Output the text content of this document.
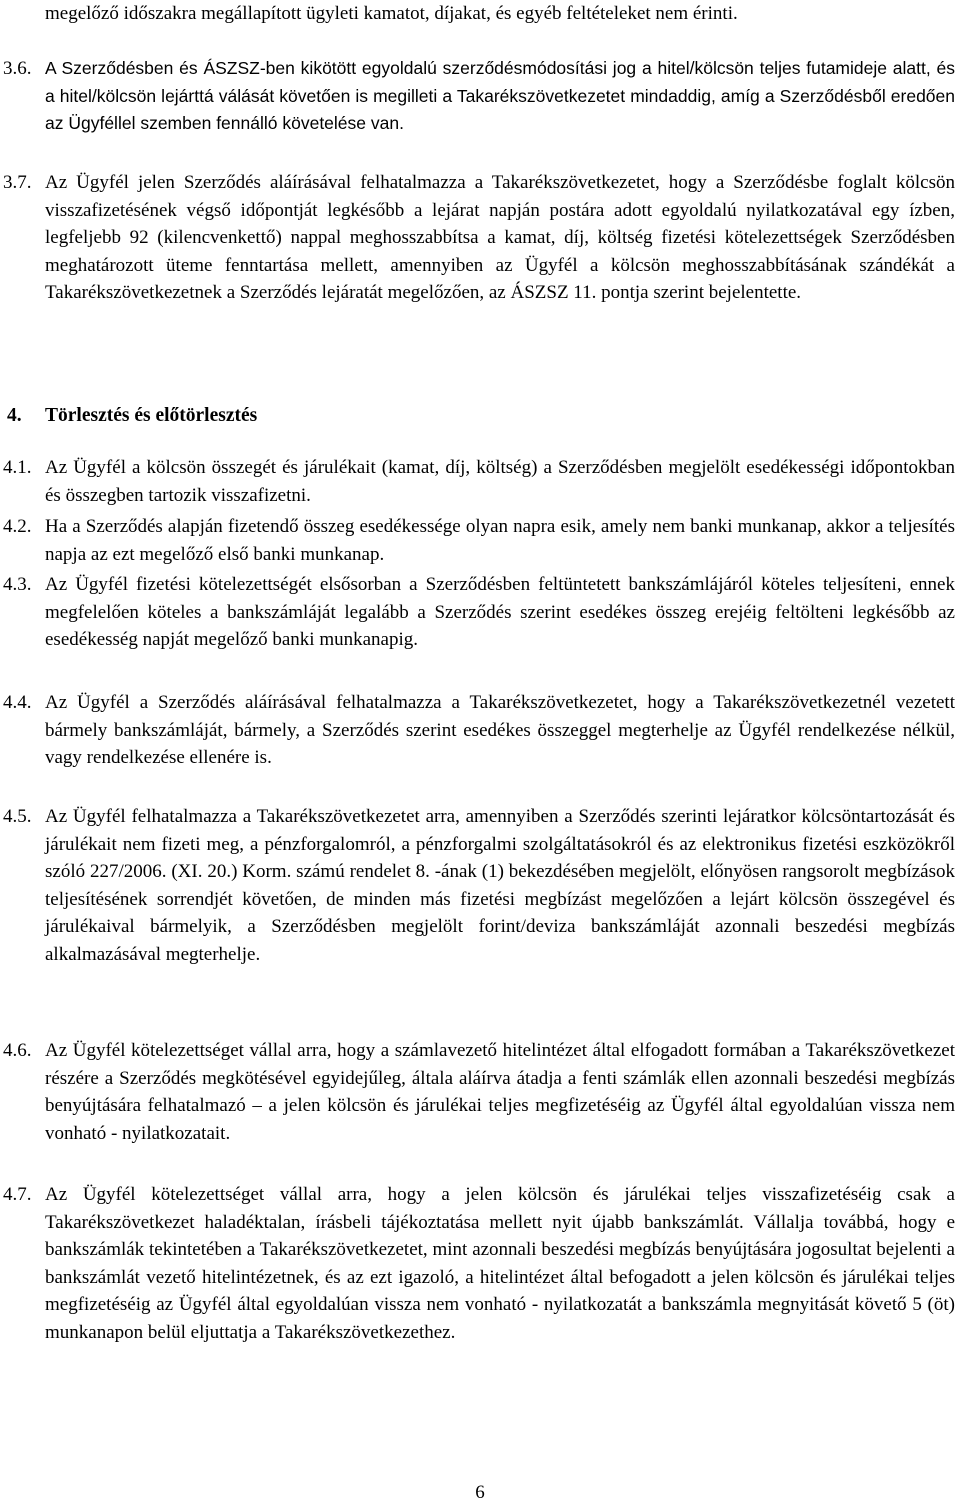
megelőző időszakra megállapított ügyleti kamatot, díjakat, és egyéb feltételeket nem érinti.
3.6. A Szerződésben és ÁSZSZ-ben kikötött egyoldalú szerződésmódosítási jog a hitel/kölcsön teljes futamideje alatt, és a hitel/kölcsön lejárttá válását követően is megilleti a Takarékszövetkezetet mindaddig, amíg a Szerződésből eredően az Ügyféllel szemben fennálló követelése van.
3.7. Az Ügyfél jelen Szerződés aláírásával felhatalmazza a Takarékszövetkezetet, hogy a Szerződésbe foglalt kölcsön visszafizetésének végső időpontját legkésőbb a lejárat napján postára adott egyoldalú nyilatkozatával egy ízben, legfeljebb 92 (kilencvenkettő) nappal meghosszabbítsa a kamat, díj, költség fizetési kötelezettségek Szerződésben meghatározott üteme fenntartása mellett, amennyiben az Ügyfél a kölcsön meghosszabbításának szándékát a Takarékszövetkezetnek a Szerződés lejáratát megelőzően, az ÁSZSZ 11. pontja szerint bejelentette.
4. Törlesztés és előtörlesztés
4.1. Az Ügyfél a kölcsön összegét és járulékait (kamat, díj, költség) a Szerződésben megjelölt esedékességi időpontokban és összegben tartozik visszafizetni.
4.2. Ha a Szerződés alapján fizetendő összeg esedékessége olyan napra esik, amely nem banki munkanap, akkor a teljesítés napja az ezt megelőző első banki munkanap.
4.3. Az Ügyfél fizetési kötelezettségét elsősorban a Szerződésben feltüntetett bankszámlájáról köteles teljesíteni, ennek megfelelően köteles a bankszámláját legalább a Szerződés szerint esedékes összeg erejéig feltölteni legkésőbb az esedékesség napját megelőző banki munkanapig.
4.4. Az Ügyfél a Szerződés aláírásával felhatalmazza a Takarékszövetkezetet, hogy a Takarékszövetkezetnél vezetett bármely bankszámláját, bármely, a Szerződés szerint esedékes összeggel megterhelje az Ügyfél rendelkezése nélkül, vagy rendelkezése ellenére is.
4.5. Az Ügyfél felhatalmazza a Takarékszövetkezetet arra, amennyiben a Szerződés szerinti lejáratkor kölcsöntartozását és járulékait nem fizeti meg, a pénzforgalomról, a pénzforgalmi szolgáltatásokról és az elektronikus fizetési eszközökről szóló 227/2006. (XI. 20.) Korm. számú rendelet 8. -ának (1) bekezdésében megjelölt, előnyösen rangsorolt megbízások teljesítésének sorrendjét követően, de minden más fizetési megbízást megelőzően a lejárt kölcsön összegével és járulékaival bármelyik, a Szerződésben megjelölt forint/deviza bankszámláját azonnali beszedési megbízás alkalmazásával megterhelje.
4.6. Az Ügyfél kötelezettséget vállal arra, hogy a számlavezető hitelintézet által elfogadott formában a Takarékszövetkezet részére a Szerződés megkötésével egyidejűleg, általa aláírva átadja a fenti számlák ellen azonnali beszedési megbízás benyújtására felhatalmazó – a jelen kölcsön és járulékai teljes megfizetéséig az Ügyfél által egyoldalúan vissza nem vonható - nyilatkozatait.
4.7. Az Ügyfél kötelezettséget vállal arra, hogy a jelen kölcsön és járulékai teljes visszafizetéséig csak a Takarékszövetkezet haladéktalan, írásbeli tájékoztatása mellett nyit újabb bankszámlát. Vállalja továbbá, hogy e bankszámlák tekintetében a Takarékszövetkezetet, mint azonnali beszedési megbízás benyújtására jogosultat bejelenti a bankszámlát vezető hitelintézetnek, és az ezt igazoló, a hitelintézet által befogadott a jelen kölcsön és járulékai teljes megfizetéséig az Ügyfél által egyoldalúan vissza nem vonható - nyilatkozatát a bankszámla megnyitását követő 5 (öt) munkanapon belül eljuttatja a Takarékszövetkezethez.
6
